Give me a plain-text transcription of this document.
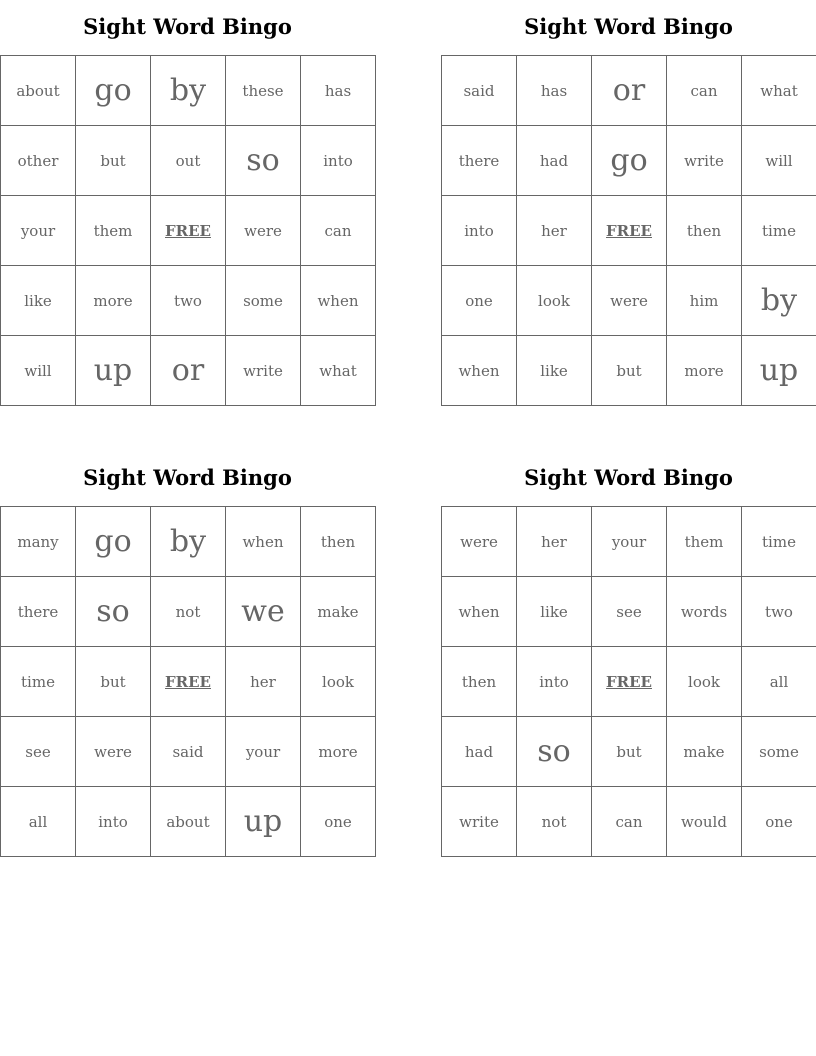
Sight Word Bingo
about	go	by	these	has
other	but	out	so	into
your	them	FREE	were	can
like	more	two	some	when
will	up	or	write	what
Sight Word Bingo
said	has	or	can	what
there	had	go	write	will
into	her	FREE	then	time
one	look	were	him	by
when	like	but	more	up
Sight Word Bingo
many	go	by	when	then
there	so	not	we	make
time	but	FREE	her	look
see	were	said	your	more
all	into	about	up	one
Sight Word Bingo
were	her	your	them	time
when	like	see	words	two
then	into	FREE	look	all
had	so	but	make	some
write	not	can	would	one
